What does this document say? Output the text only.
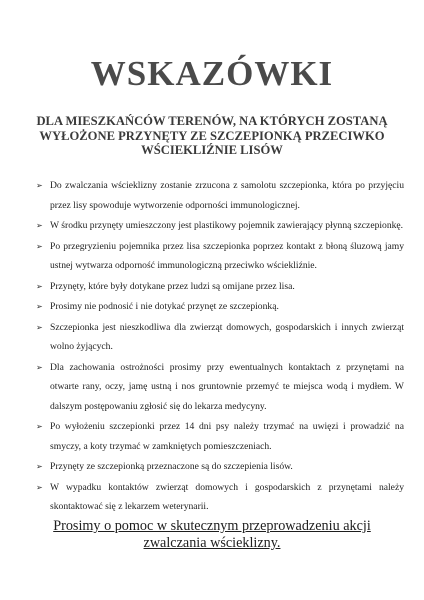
WSKAZÓWKI
DLA MIESZKAŃCÓW TERENÓW, NA KTÓRYCH ZOSTANĄ WYŁOŻONE PRZYNĘTY ZE SZCZEPIONKĄ PRZECIWKO WŚCIEKLIŹNIE LISÓW
➢ Do zwalczania wścieklizny zostanie zrzucona z samolotu szczepionka, która po przyjęciu przez lisy spowoduje wytworzenie odporności immunologicznej.
➢ W środku przynęty umieszczony jest plastikowy pojemnik zawierający płynną szczepionkę.
➢ Po przegryzieniu pojemnika przez lisa szczepionka poprzez kontakt z błoną śluzową jamy ustnej wytwarza odporność immunologiczną przeciwko wściekliźnie.
➢ Przynęty, które były dotykane przez ludzi są omijane przez lisa.
➢ Prosimy nie podnosić i nie dotykać przynęt ze szczepionką.
➢ Szczepionka jest nieszkodliwa dla zwierząt domowych, gospodarskich i innych zwierząt wolno żyjących.
➢ Dla zachowania ostrożności prosimy przy ewentualnych kontaktach z przynętami na otwarte rany, oczy, jamę ustną i nos gruntownie przemyć te miejsca wodą i mydłem. W dalszym postępowaniu zgłosić się do lekarza medycyny.
➢ Po wyłożeniu szczepionki przez 14 dni psy należy trzymać na uwięzi i prowadzić na smyczy, a koty trzymać w zamkniętych pomieszczeniach.
➢ Przynęty ze szczepionką przeznaczone są do szczepienia lisów.
➢ W wypadku kontaktów zwierząt domowych i gospodarskich z przynętami należy skontaktować się z lekarzem weterynarii.
Prosimy o pomoc w skutecznym przeprowadzeniu akcji zwalczania wścieklizny.
